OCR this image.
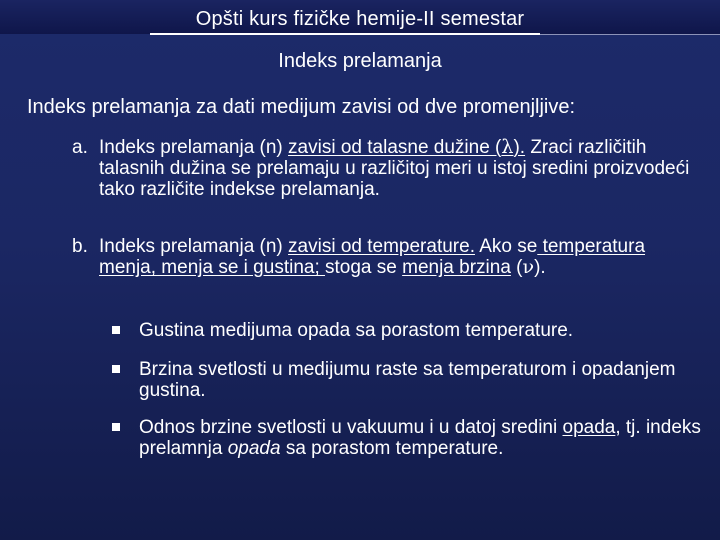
Opšti kurs fizičke hemije-II semestar
Indeks prelamanja
Indeks prelamanja za dati medijum zavisi od dve promenjljive:
a. Indeks prelamanja (n) zavisi od talasne dužine (λ). Zraci različitih talasnih dužina se prelamaju u različitoj meri u istoj sredini proizvodeći tako različite indekse prelamanja.
b. Indeks prelamanja (n) zavisi od temperature. Ako se temperatura menja, menja se i gustina; stoga se menja brzina (ν).
Gustina medijuma opada sa porastom temperature.
Brzina svetlosti u medijumu raste sa temperaturom i opadanjem gustina.
Odnos brzine svetlosti u vakuumu i u datoj sredini opada, tj. indeks prelamnja opada sa porastom temperature.
